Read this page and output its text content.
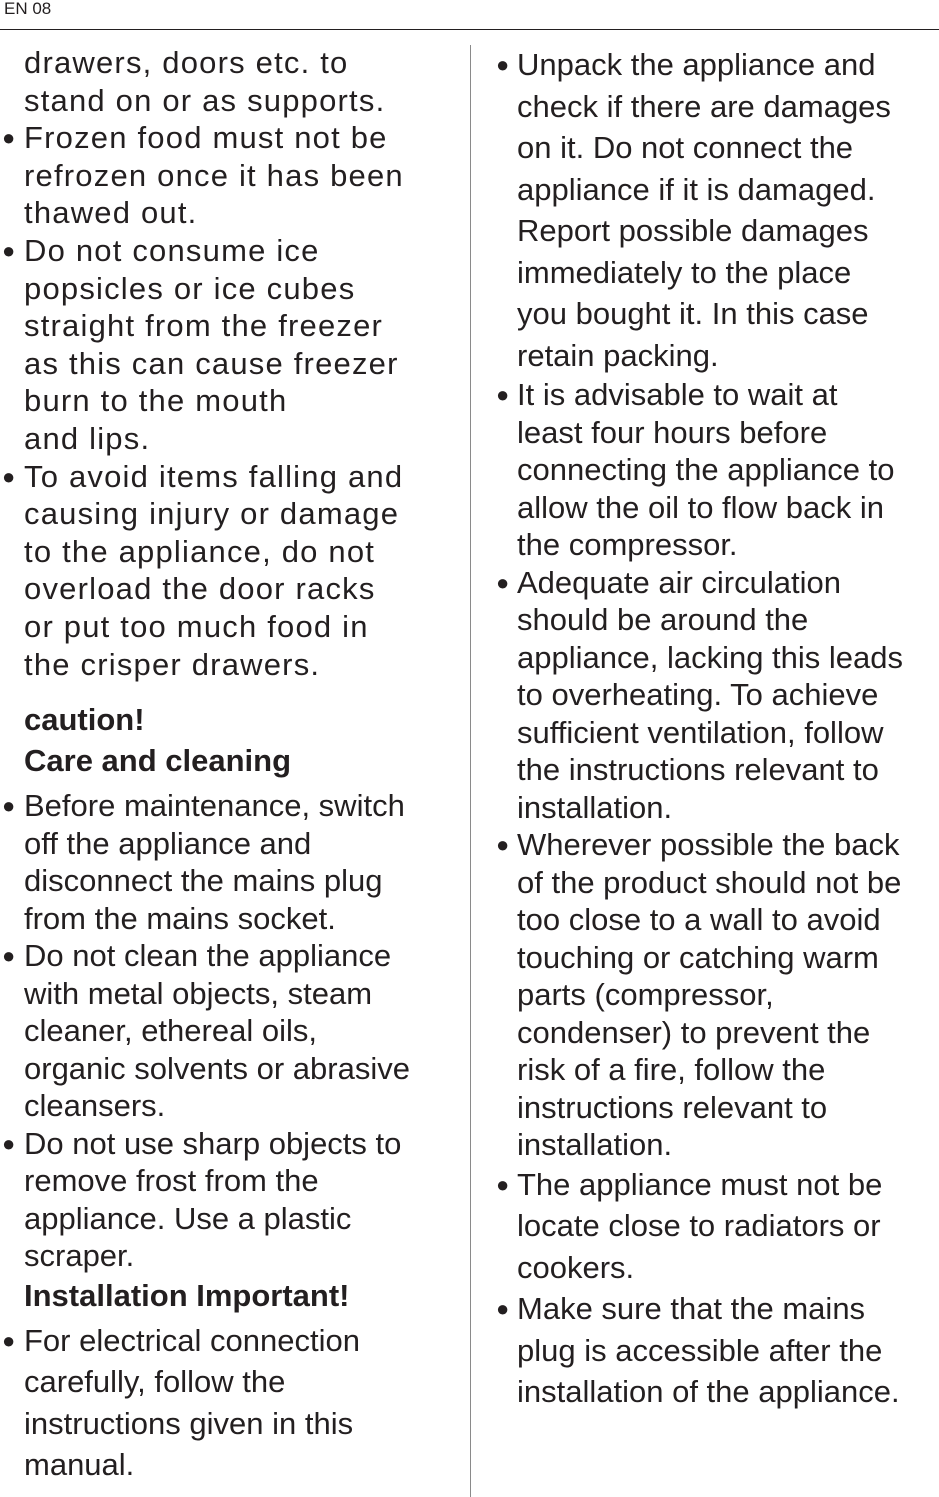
EN 08
drawers, doors etc. to
stand on or as supports.
● Frozen food must not be
refrozen once it has been
thawed out.
● Do not consume ice
popsicles or ice cubes
straight from the freezer
as this can cause freezer
burn to the mouth
and lips.
● To avoid items falling and
causing injury or damage
to the appliance, do not
overload the door racks
or put too much food in
the crisper drawers.
caution!
Care and cleaning
● Before maintenance, switch
off the appliance and
disconnect the mains plug
from the mains socket.
● Do not clean the appliance
with metal objects, steam
cleaner, ethereal oils,
organic solvents or abrasive
cleansers.
● Do not use sharp objects to
remove frost from the
appliance. Use a plastic
scraper.
Installation Important!
● For electrical connection
carefully, follow the
instructions given in this
manual.
● Unpack the appliance and
check if there are damages
on it. Do not connect the
appliance if it is damaged.
Report possible damages
immediately to the place
you bought it. In this case
retain packing.
● It is advisable to wait at
least four hours before
connecting the appliance to
allow the oil to flow back in
the compressor.
● Adequate air circulation
should be around the
appliance, lacking this leads
to overheating. To achieve
sufficient ventilation, follow
the instructions relevant to
installation.
● Wherever possible the back
of the product should not be
too close to a wall to avoid
touching or catching warm
parts (compressor,
condenser) to prevent the
risk of a fire, follow the
instructions relevant to
installation.
● The appliance must not be
locate close to radiators or
cookers.
● Make sure that the mains
plug is accessible after the
installation of the appliance.
